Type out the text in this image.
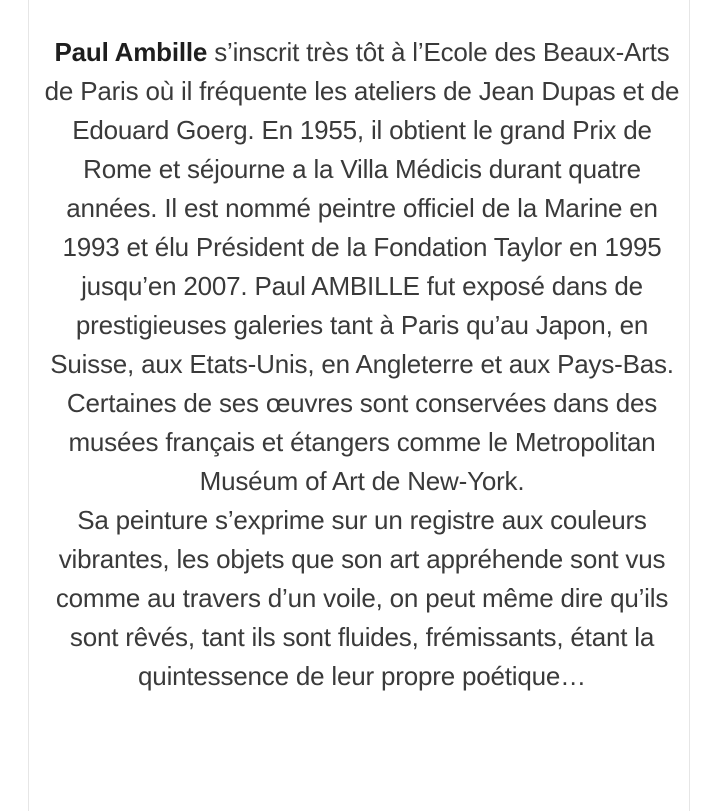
Paul Ambille s’inscrit très tôt à l’Ecole des Beaux-Arts de Paris où il fréquente les ateliers de Jean Dupas et de Edouard Goerg. En 1955, il obtient le grand Prix de Rome et séjourne a la Villa Médicis durant quatre années. Il est nommé peintre officiel de la Marine en 1993 et élu Président de la Fondation Taylor en 1995 jusqu’en 2007. Paul AMBILLE fut exposé dans de prestigieuses galeries tant à Paris qu’au Japon, en Suisse, aux Etats-Unis, en Angleterre et aux Pays-Bas. Certaines de ses œuvres sont conservées dans des musées français et étangers comme le Metropolitan Muséum of Art de New-York.

Sa peinture s’exprime sur un registre aux couleurs vibrantes, les objets que son art appréhende sont vus comme au travers d’un voile, on peut même dire qu’ils sont rêvés, tant ils sont fluides, frémissants, étant la quintessence de leur propre poétique…
